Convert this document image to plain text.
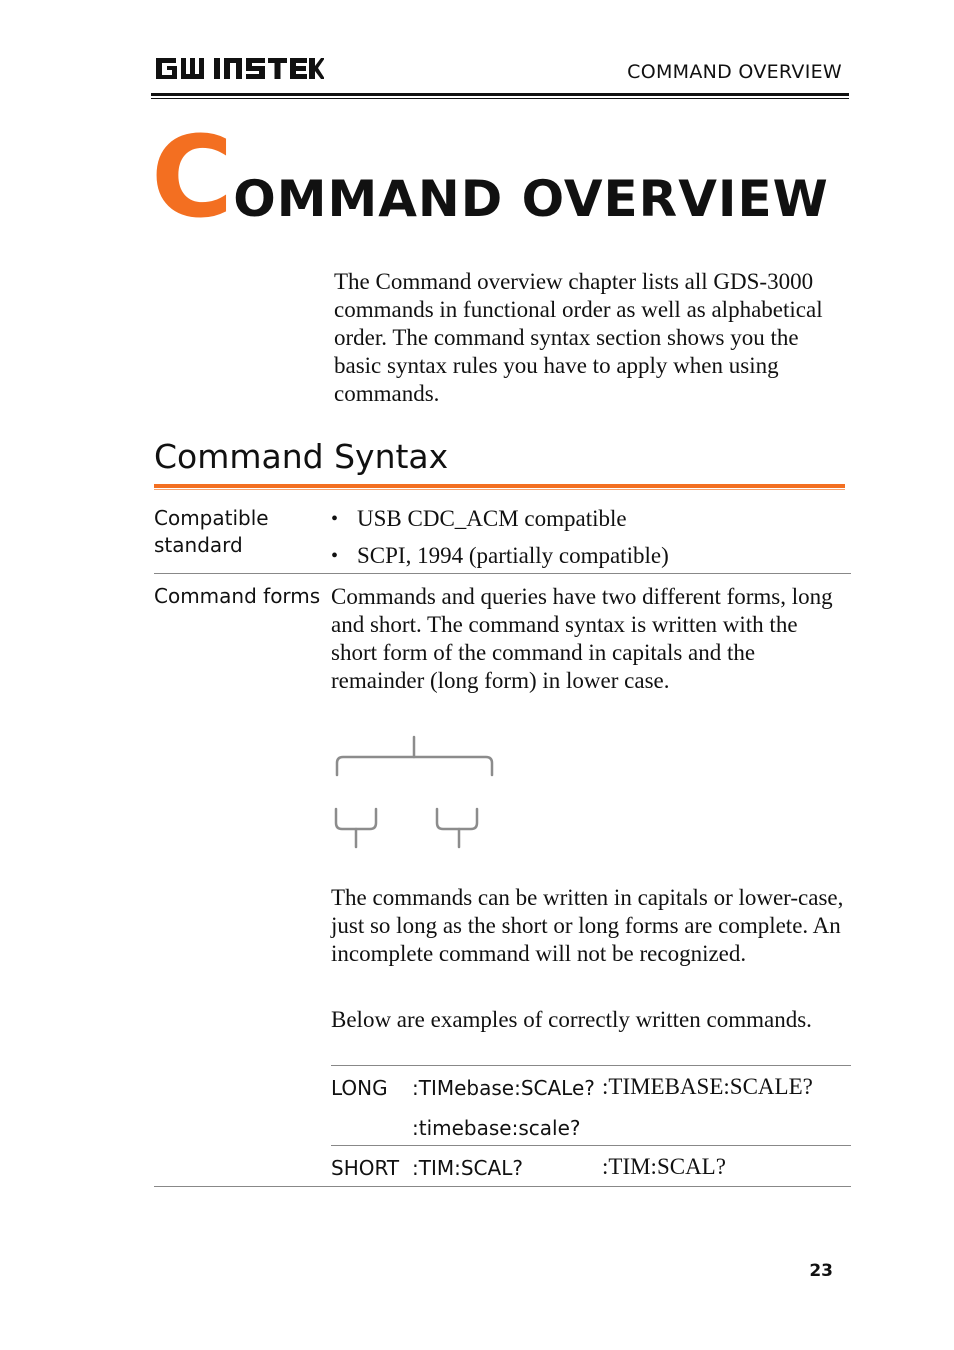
COMMAND OVERVIEW
COMMAND OVERVIEW
The Command overview chapter lists all GDS-3000 commands in functional order as well as alphabetical order. The command syntax section shows you the basic syntax rules you have to apply when using commands.
Command Syntax
Compatible standard
• USB CDC_ACM compatible
• SCPI, 1994 (partially compatible)
Command forms Commands and queries have two different forms, long and short. The command syntax is written with the short form of the command in capitals and the remainder (long form) in lower case.
The commands can be written in capitals or lower-case, just so long as the short or long forms are complete. An incomplete command will not be recognized.
Below are examples of correctly written commands.
LONG :TIMebase:SCALe? :TIMEBASE:SCALE?
:timebase:scale?
SHORT :TIM:SCAL?	:TIM:SCAL?
23
